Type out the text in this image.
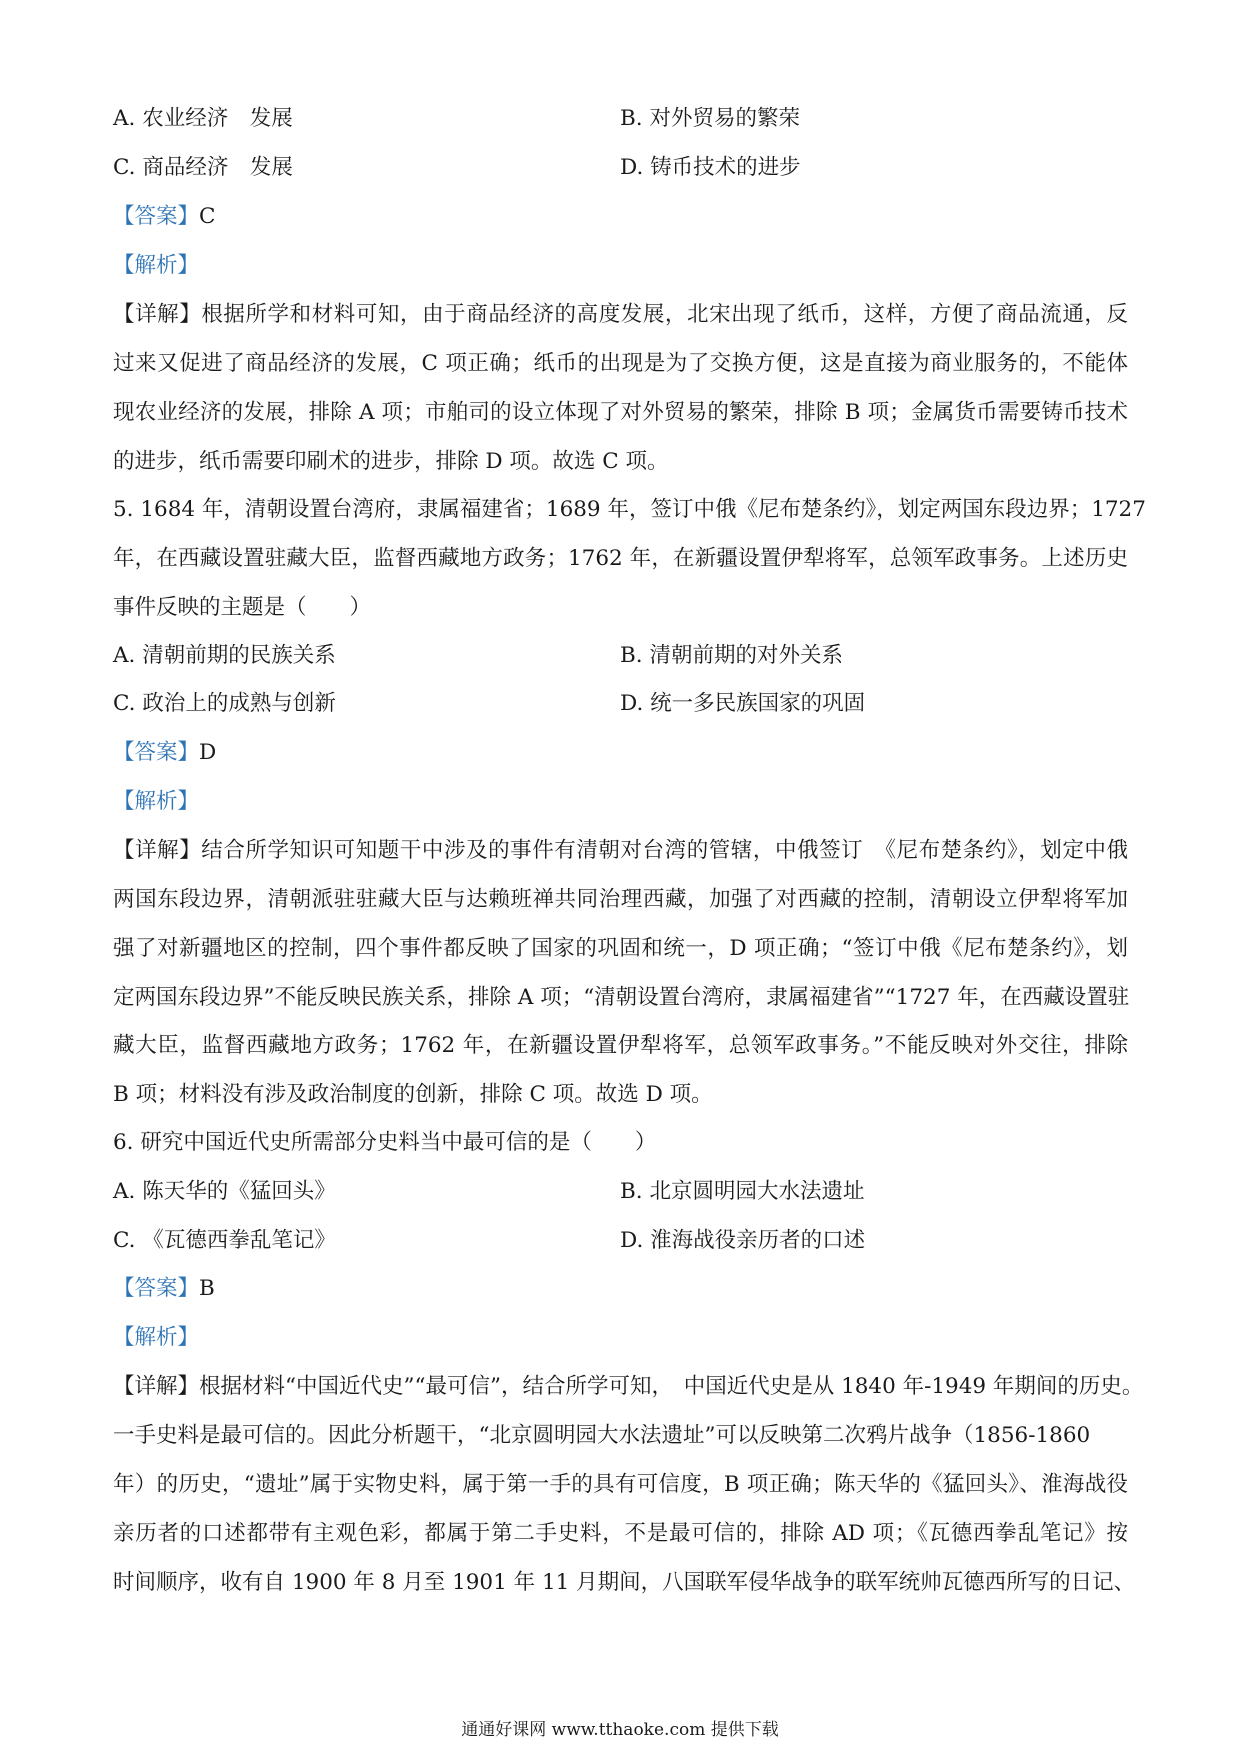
A. 农业经济　发展	B. 对外贸易的繁荣
C. 商品经济　发展	D. 铸币技术的进步
【答案】C
【解析】
【详解】根据所学和材料可知，由于商品经济的高度发展，北宋出现了纸币，这样，方便了商品流通，反
过来又促进了商品经济的发展，C 项正确；纸币的出现是为了交换方便，这是直接为商业服务的，不能体
现农业经济的发展，排除 A 项；市舶司的设立体现了对外贸易的繁荣，排除 B 项；金属货币需要铸币技术
的进步，纸币需要印刷术的进步，排除 D 项。故选 C 项。
5. 1684 年，清朝设置台湾府，隶属福建省；1689 年，签订中俄《尼布楚条约》，划定两国东段边界；1727
年，在西藏设置驻藏大臣，监督西藏地方政务；1762 年，在新疆设置伊犁将军，总领军政事务。上述历史
事件反映的主题是（　　）
A. 清朝前期的民族关系	B. 清朝前期的对外关系
C. 政治上的成熟与创新	D. 统一多民族国家的巩固
【答案】D
【解析】
【详解】结合所学知识可知题干中涉及的事件有清朝对台湾的管辖，中俄签订　《尼布楚条约》，划定中俄
两国东段边界，清朝派驻驻藏大臣与达赖班禅共同治理西藏，加强了对西藏的控制，清朝设立伊犁将军加
强了对新疆地区的控制，四个事件都反映了国家的巩固和统一，D 项正确；“签订中俄《尼布楚条约》，划
定两国东段边界”不能反映民族关系，排除 A 项；“清朝设置台湾府，隶属福建省”“1727 年，在西藏设置驻
藏大臣，监督西藏地方政务；1762 年，在新疆设置伊犁将军，总领军政事务。”不能反映对外交往，排除
B 项；材料没有涉及政治制度的创新，排除 C 项。故选 D 项。
6. 研究中国近代史所需部分史料当中最可信的是（　　）
A. 陈天华的《猛回头》	B. 北京圆明园大水法遗址
C. 《瓦德西拳乱笔记》	D. 淮海战役亲历者的口述
【答案】B
【解析】
【详解】根据材料“中国近代史”“最可信”，结合所学可知，　中国近代史是从 1840 年-1949 年期间的历史。
一手史料是最可信的。因此分析题干，“北京圆明园大水法遗址”可以反映第二次鸦片战争（1856-1860
年）的历史，“遗址”属于实物史料，属于第一手的具有可信度，B 项正确；陈天华的《猛回头》、淮海战役
亲历者的口述都带有主观色彩，都属于第二手史料，不是最可信的，排除 AD 项；《瓦德西拳乱笔记》按
时间顺序，收有自 1900 年 8 月至 1901 年 11 月期间，八国联军侵华战争的联军统帅瓦德西所写的日记、
通通好课网 www.tthaoke.com 提供下载
